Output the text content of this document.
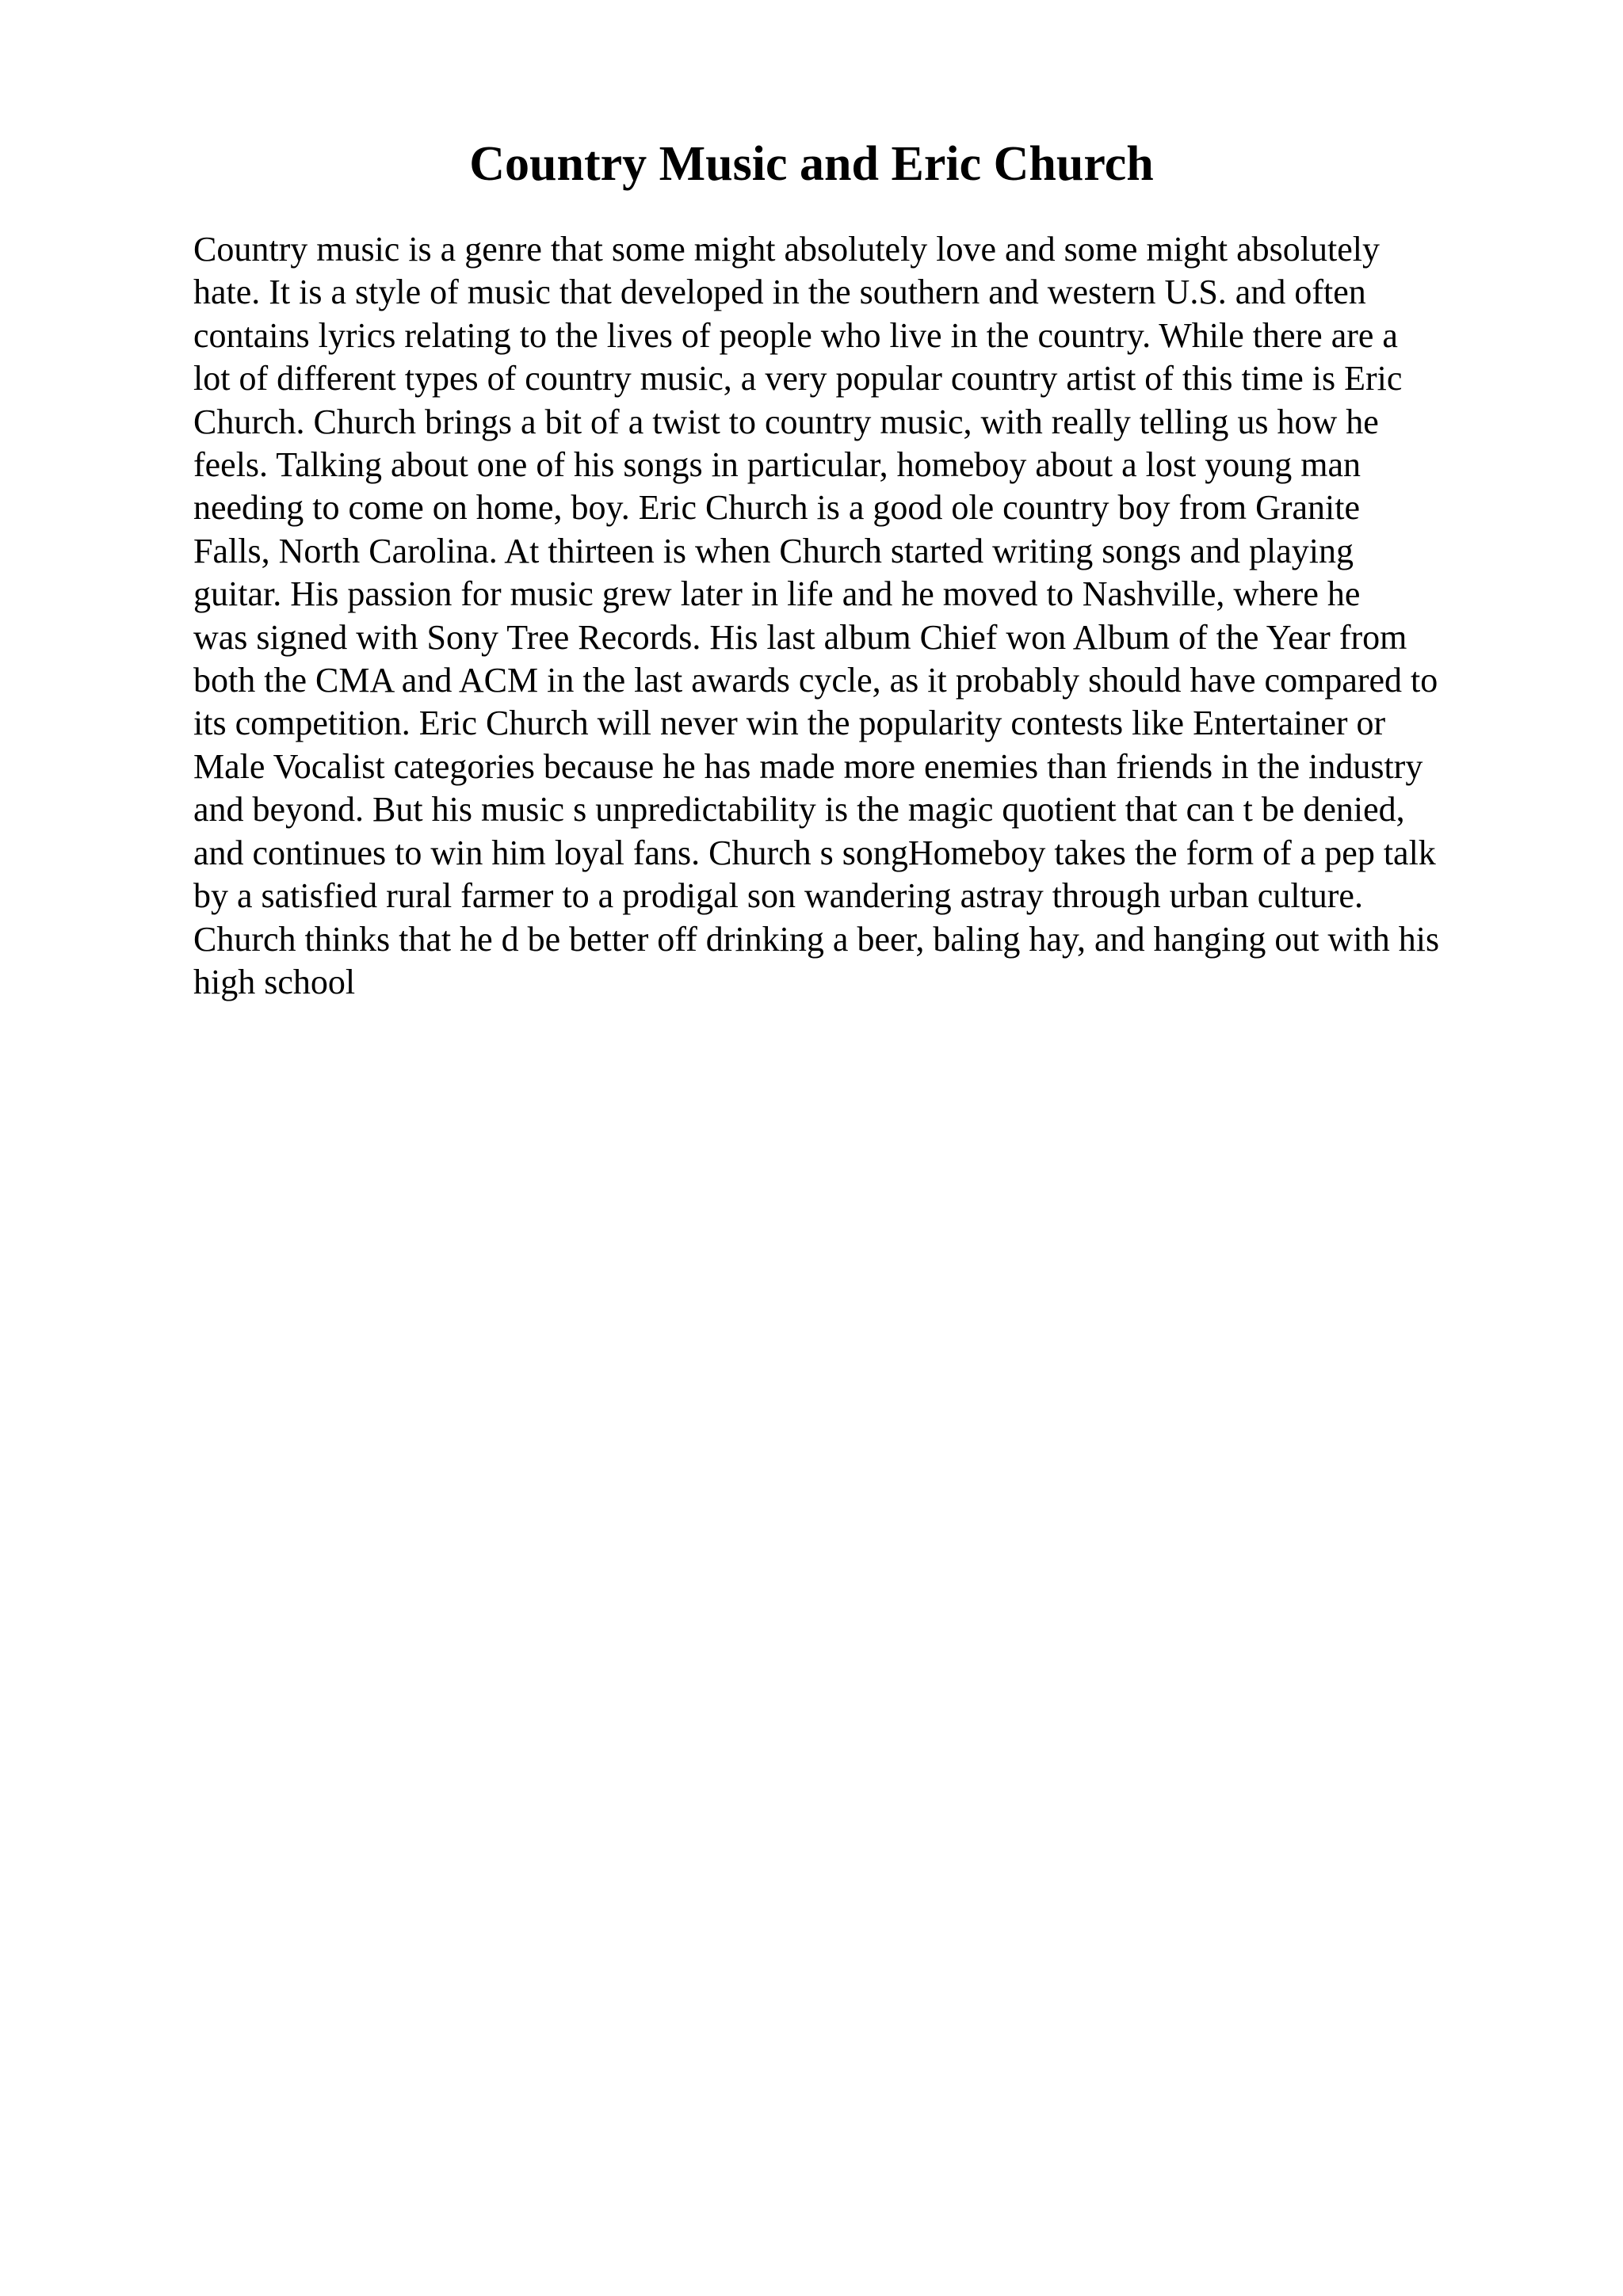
Country Music and Eric Church
Country music is a genre that some might absolutely love and some might absolutely
hate. It is a style of music that developed in the southern and western U.S. and often
contains lyrics relating to the lives of people who live in the country. While there are a
lot of different types of country music, a very popular country artist of this time is Eric
Church. Church brings a bit of a twist to country music, with really telling us how he
feels. Talking about one of his songs in particular, homeboy about a lost young man
needing to come on home, boy. Eric Church is a good ole country boy from Granite
Falls, North Carolina. At thirteen is when Church started writing songs and playing
guitar. His passion for music grew later in life and he moved to Nashville, where he
was signed with Sony Tree Records. His last album Chief won Album of the Year from
both the CMA and ACM in the last awards cycle, as it probably should have compared to
its competition. Eric Church will never win the popularity contests like Entertainer or
Male Vocalist categories because he has made more enemies than friends in the industry
and beyond. But his music s unpredictability is the magic quotient that can t be denied,
and continues to win him loyal fans. Church s songHomeboy takes the form of a pep talk
by a satisfied rural farmer to a prodigal son wandering astray through urban culture.
Church thinks that he d be better off drinking a beer, baling hay, and hanging out with his
high school
